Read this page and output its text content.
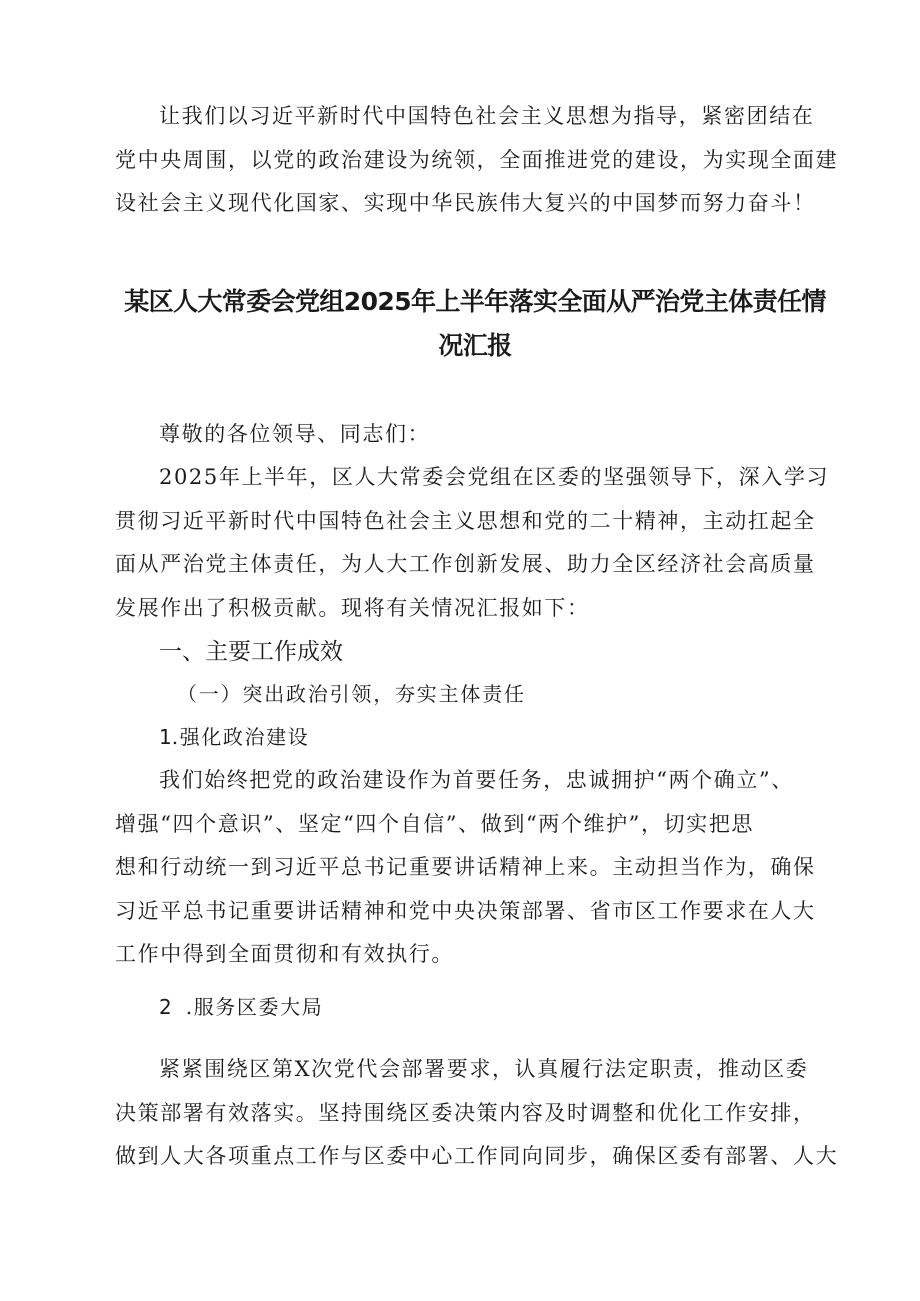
让我们以习近平新时代中国特色社会主义思想为指导，紧密团结在
党中央周围，以党的政治建设为统领，全面推进党的建设，为实现全面建
设社会主义现代化国家、实现中华民族伟大复兴的中国梦而努力奋斗！
某区人大常委会党组2025年上半年落实全面从严治党主体责任情
况汇报
尊敬的各位领导、同志们：
2025年上半年，区人大常委会党组在区委的坚强领导下，深入学习
贯彻习近平新时代中国特色社会主义思想和党的二十精神，主动扛起全
面从严治党主体责任，为人大工作创新发展、助力全区经济社会高质量
发展作出了积极贡献。现将有关情况汇报如下：
一、主要工作成效
（一）突出政治引领，夯实主体责任
1.强化政治建设
我们始终把党的政治建设作为首要任务，忠诚拥护“两个确立”、
增强“四个意识”、坚定“四个自信”、做到“两个维护”，切实把思
想和行动统一到习近平总书记重要讲话精神上来。主动担当作为，确保
习近平总书记重要讲话精神和党中央决策部署、省市区工作要求在人大
工作中得到全面贯彻和有效执行。
2 .服务区委大局
紧紧围绕区第X次党代会部署要求，认真履行法定职责，推动区委
决策部署有效落实。坚持围绕区委决策内容及时调整和优化工作安排，
做到人大各项重点工作与区委中心工作同向同步，确保区委有部署、人大
